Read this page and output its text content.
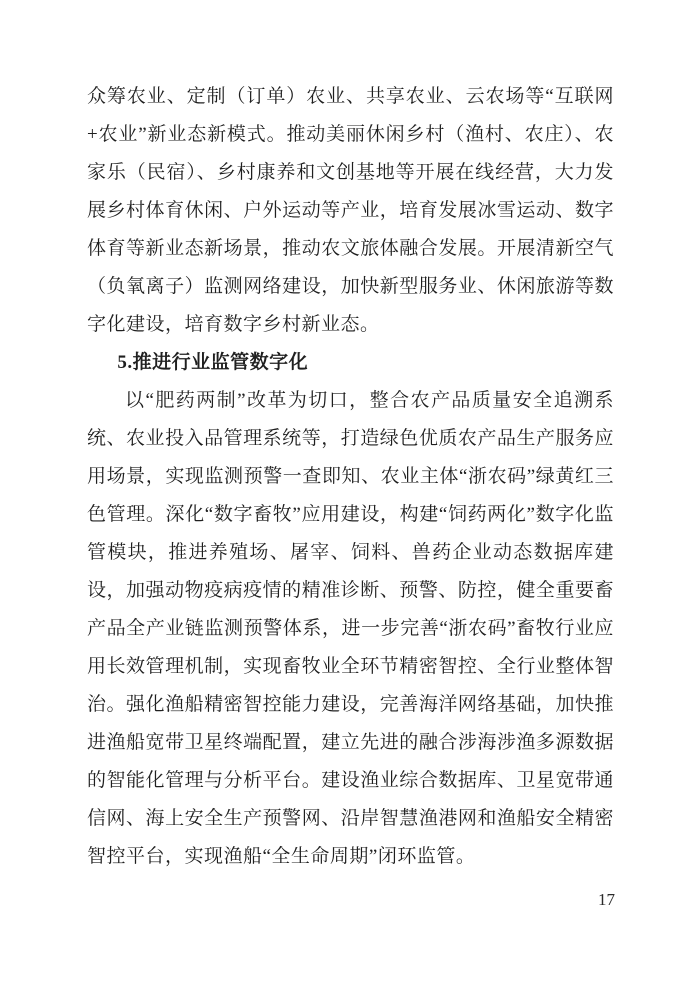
众筹农业、定制（订单）农业、共享农业、云农场等“互联网+农业”新业态新模式。推动美丽休闲乡村（渔村、农庄）、农家乐（民宿）、乡村康养和文创基地等开展在线经营，大力发展乡村体育休闲、户外运动等产业，培育发展冰雪运动、数字体育等新业态新场景，推动农文旅体融合发展。开展清新空气（负氧离子）监测网络建设，加快新型服务业、休闲旅游等数字化建设，培育数字乡村新业态。

5.推进行业监管数字化

以“肥药两制”改革为切口，整合农产品质量安全追溯系统、农业投入品管理系统等，打造绿色优质农产品生产服务应用场景，实现监测预警一查即知、农业主体“浙农码”绿黄红三色管理。深化“数字畜牧”应用建设，构建“饲药两化”数字化监管模块，推进养殖场、屠宰、饲料、兽药企业动态数据库建设，加强动物疫病疫情的精准诊断、预警、防控，健全重要畜产品全产业链监测预警体系，进一步完善“浙农码”畜牧行业应用长效管理机制，实现畜牧业全环节精密智控、全行业整体智治。强化渔船精密智控能力建设，完善海洋网络基础，加快推进渔船宽带卫星终端配置，建立先进的融合涉海涉渔多源数据的智能化管理与分析平台。建设渔业综合数据库、卫星宽带通信网、海上安全生产预警网、沿岸智慧渔港网和渔船安全精密智控平台，实现渔船“全生命周期”闭环监管。

17
